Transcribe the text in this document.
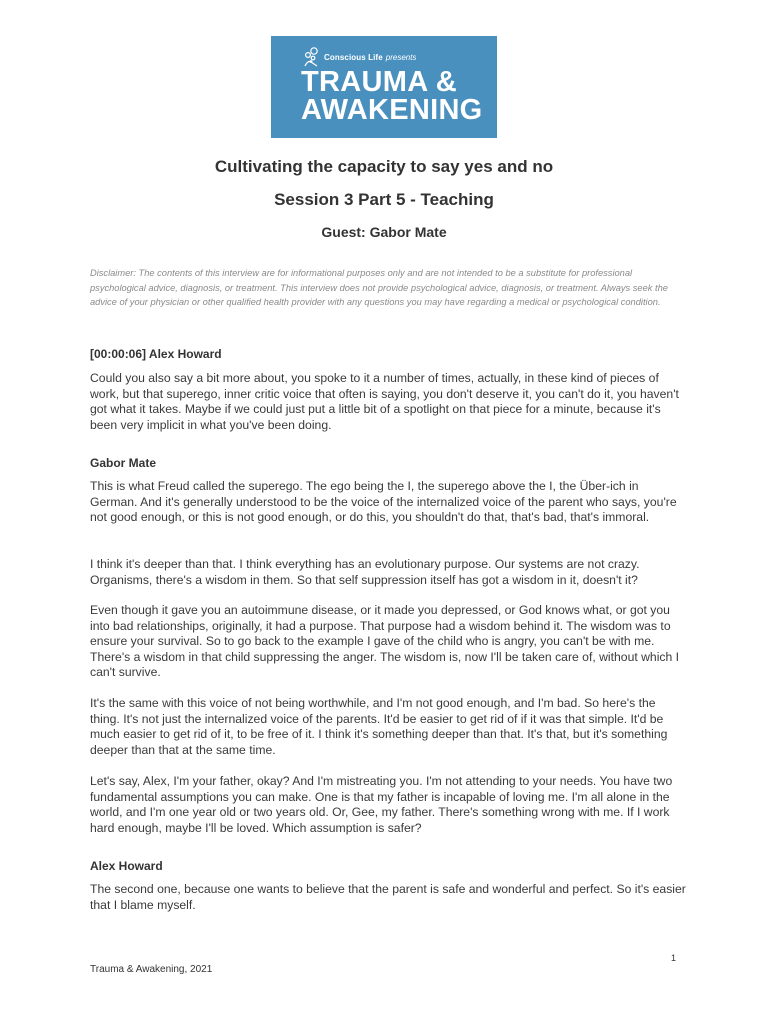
Conscious Life presents
TRAUMA &
AWAKENING
Cultivating the capacity to say yes and no
Session 3 Part 5 - Teaching
Guest: Gabor Mate
Disclaimer: The contents of this interview are for informational purposes only and are not intended to be a substitute for professional psychological advice, diagnosis, or treatment. This interview does not provide psychological advice, diagnosis, or treatment. Always seek the advice of your physician or other qualified health provider with any questions you may have regarding a medical or psychological condition.
[00:00:06] Alex Howard
Could you also say a bit more about, you spoke to it a number of times, actually, in these kind of pieces of work, but that superego, inner critic voice that often is saying, you don't deserve it, you can't do it, you haven't got what it takes. Maybe if we could just put a little bit of a spotlight on that piece for a minute, because it's been very implicit in what you've been doing.
Gabor Mate
This is what Freud called the superego. The ego being the I, the superego above the I, the Über-ich in German. And it's generally understood to be the voice of the internalized voice of the parent who says, you're not good enough, or this is not good enough, or do this, you shouldn't do that, that's bad, that's immoral.
I think it's deeper than that. I think everything has an evolutionary purpose. Our systems are not crazy. Organisms, there's a wisdom in them. So that self suppression itself has got a wisdom in it, doesn't it?
Even though it gave you an autoimmune disease, or it made you depressed, or God knows what, or got you into bad relationships, originally, it had a purpose. That purpose had a wisdom behind it. The wisdom was to ensure your survival. So to go back to the example I gave of the child who is angry, you can't be with me. There's a wisdom in that child suppressing the anger. The wisdom is, now I'll be taken care of, without which I can't survive.
It's the same with this voice of not being worthwhile, and I'm not good enough, and I'm bad. So here's the thing. It's not just the internalized voice of the parents. It'd be easier to get rid of if it was that simple. It'd be much easier to get rid of it, to be free of it. I think it's something deeper than that. It's that, but it's something deeper than that at the same time.
Let's say, Alex, I'm your father, okay? And I'm mistreating you. I'm not attending to your needs. You have two fundamental assumptions you can make. One is that my father is incapable of loving me. I'm all alone in the world, and I'm one year old or two years old. Or, Gee, my father. There's something wrong with me. If I work hard enough, maybe I'll be loved. Which assumption is safer?
Alex Howard
The second one, because one wants to believe that the parent is safe and wonderful and perfect. So it's easier that I blame myself.
1
Trauma & Awakening, 2021
